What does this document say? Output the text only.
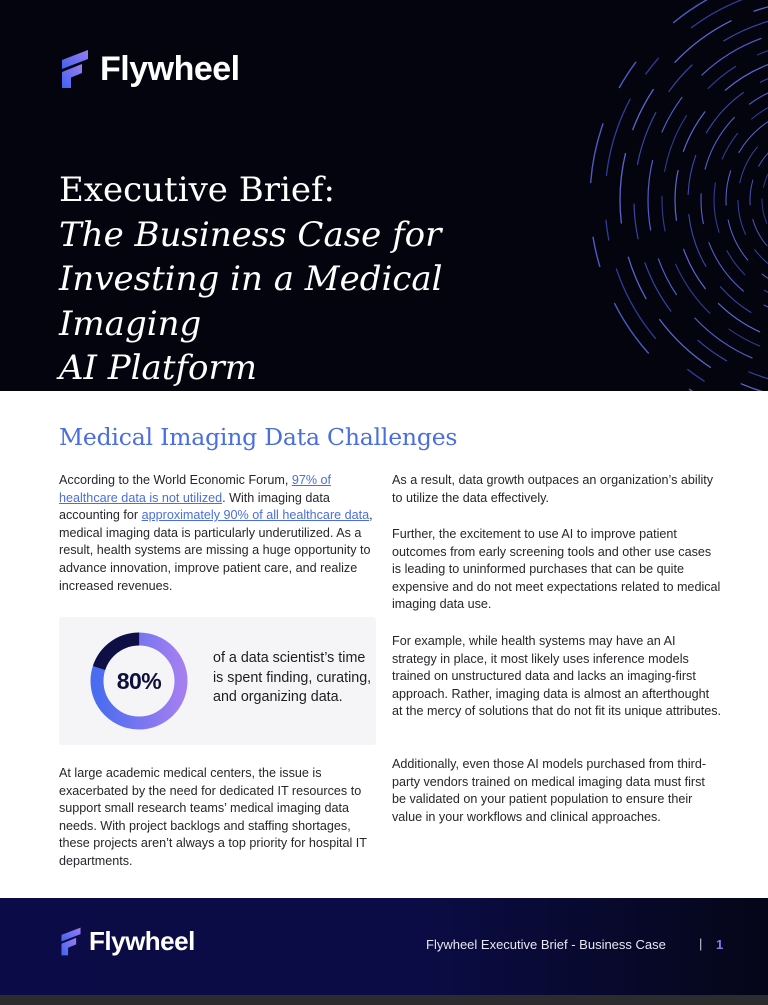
Flywheel
Executive Brief:
The Business Case for
Investing in a Medical Imaging
AI Platform
Medical Imaging Data Challenges

According to the World Economic Forum, 97% of healthcare data is not utilized. With imaging data accounting for approximately 90% of all healthcare data, medical imaging data is particularly underutilized. As a result, health systems are missing a huge opportunity to advance innovation, improve patient care, and realize increased revenues.

80%
of a data scientist’s time is spent finding, curating, and organizing data.
At large academic medical centers, the issue is exacerbated by the need for dedicated IT resources to support small research teams’ medical imaging data needs. With project backlogs and staffing shortages, these projects aren’t always a top priority for hospital IT departments.
As a result, data growth outpaces an organization’s ability to utilize the data effectively.
Further, the excitement to use AI to improve patient outcomes from early screening tools and other use cases is leading to uninformed purchases that can be quite expensive and do not meet expectations related to medical imaging data use.
For example, while health systems may have an AI strategy in place, it most likely uses inference models trained on unstructured data and lacks an imaging-first approach. Rather, imaging data is almost an afterthought at the mercy of solutions that do not fit its unique attributes.
Additionally, even those AI models purchased from third-party vendors trained on medical imaging data must first be validated on your patient population to ensure their value in your workflows and clinical approaches.
Flywheel	Flywheel Executive Brief - Business Case	| 1
